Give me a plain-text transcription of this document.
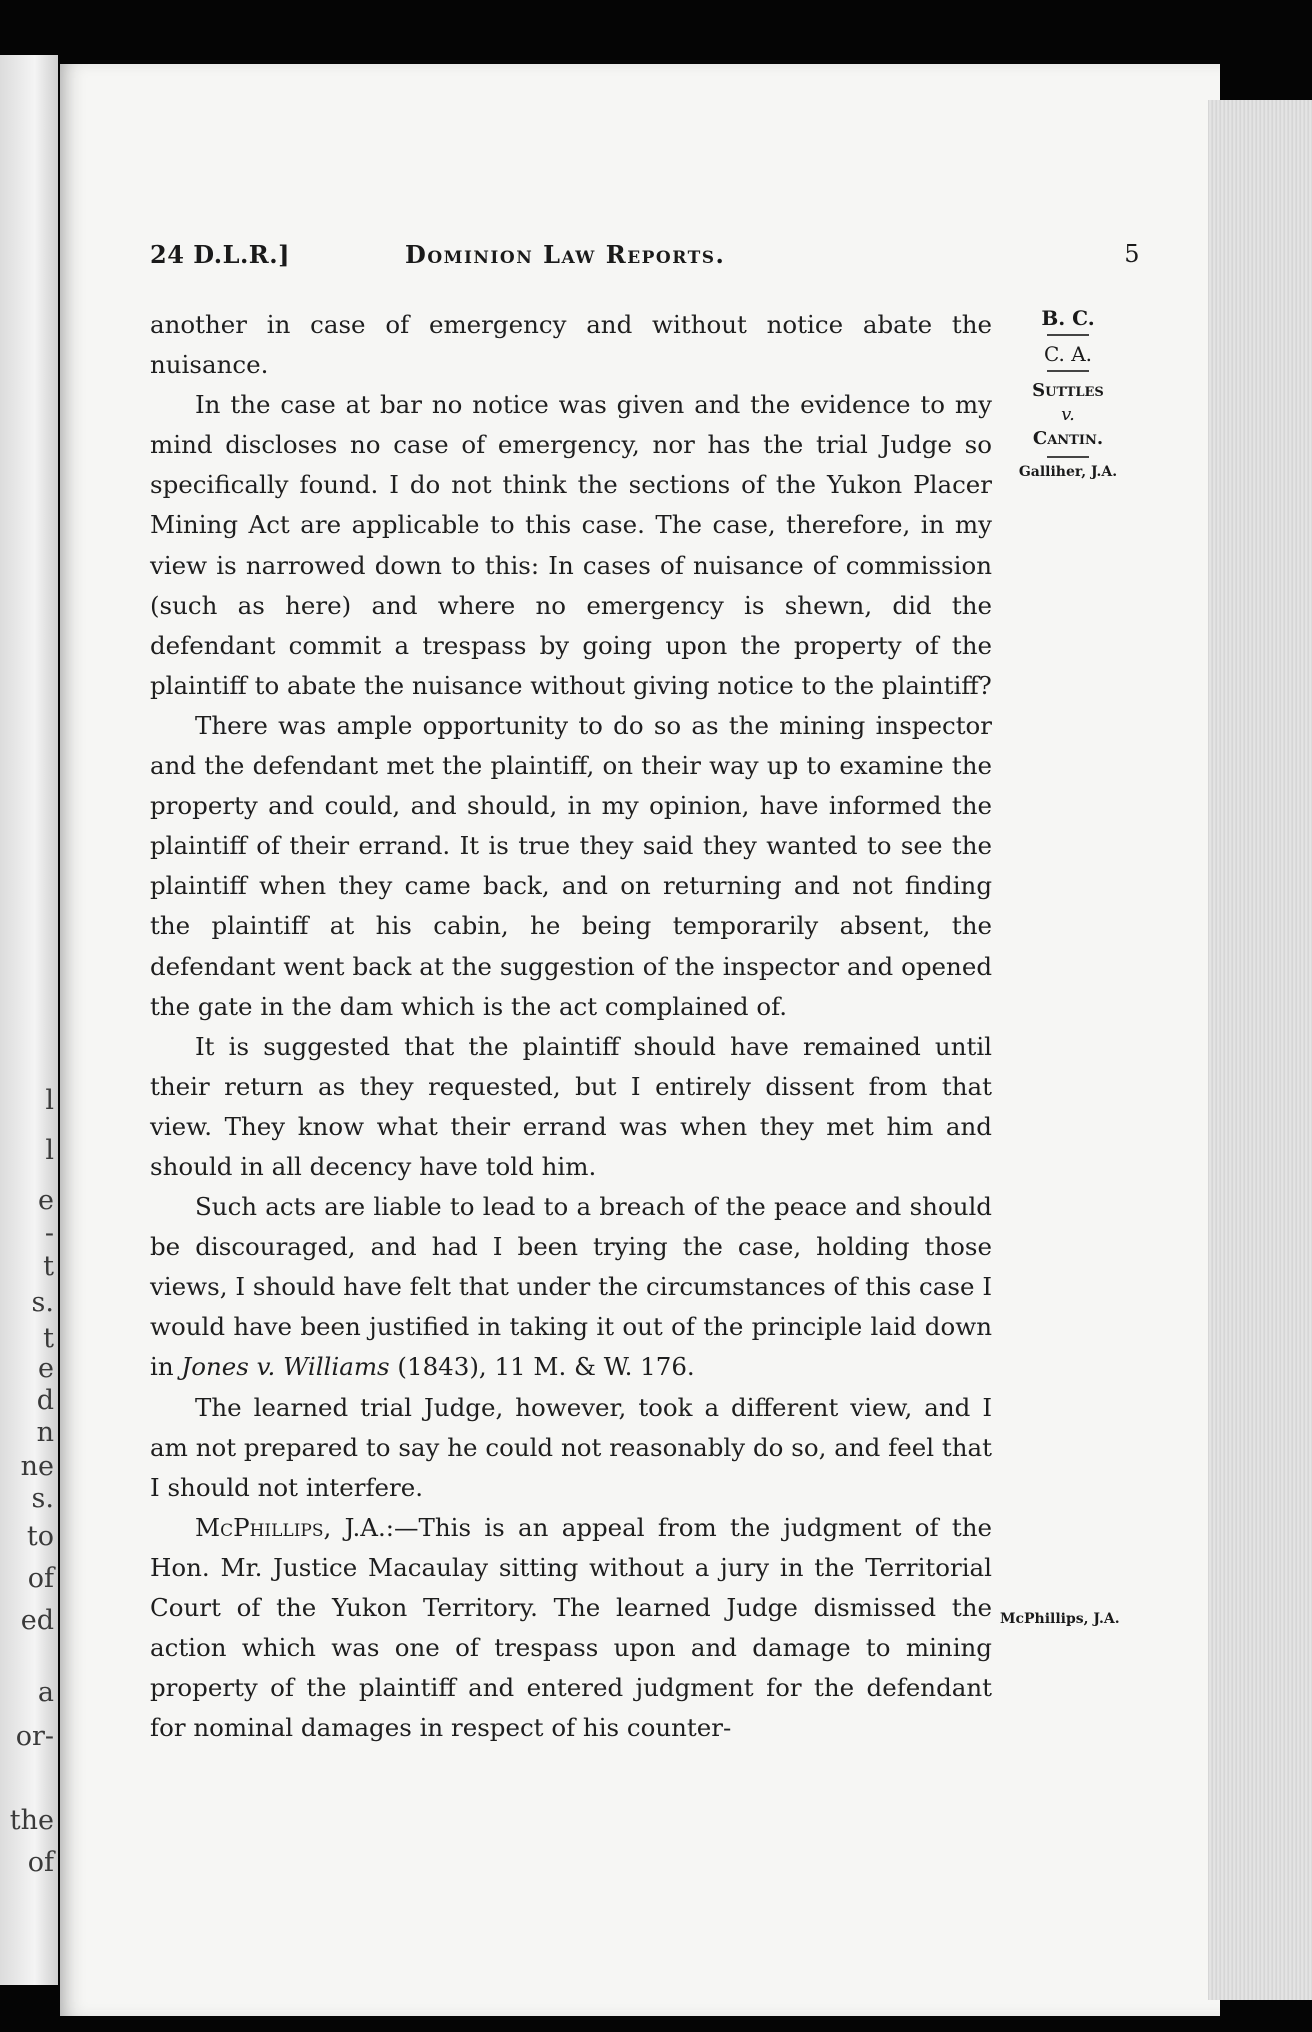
l
l
e
-
t
s.
t
e
d
n
ne
s.
to
of
ed
a
or-
the
of
24 D.L.R.]	Dominion Law Reports.	5
B. C.
C. A.
Suttles
v.
Cantin.
Galliher, J.A.
McPhillips, J.A.

another in case of emergency and without notice abate the nuisance.

In the case at bar no notice was given and the evidence to my mind discloses no case of emergency, nor has the trial Judge so specifically found. I do not think the sections of the Yukon Placer Mining Act are applicable to this case. The case, therefore, in my view is narrowed down to this: In cases of nuisance of commission (such as here) and where no emergency is shewn, did the defendant commit a trespass by going upon the property of the plaintiff to abate the nuisance without giving notice to the plaintiff?

There was ample opportunity to do so as the mining inspector and the defendant met the plaintiff, on their way up to examine the property and could, and should, in my opinion, have informed the plaintiff of their errand. It is true they said they wanted to see the plaintiff when they came back, and on returning and not finding the plaintiff at his cabin, he being temporarily absent, the defendant went back at the suggestion of the inspector and opened the gate in the dam which is the act complained of.

It is suggested that the plaintiff should have remained until their return as they requested, but I entirely dissent from that view. They know what their errand was when they met him and should in all decency have told him.

Such acts are liable to lead to a breach of the peace and should be discouraged, and had I been trying the case, holding those views, I should have felt that under the circumstances of this case I would have been justified in taking it out of the principle laid down in Jones v. Williams (1843), 11 M. & W. 176.

The learned trial Judge, however, took a different view, and I am not prepared to say he could not reasonably do so, and feel that I should not interfere.

McPhillips, J.A.:—This is an appeal from the judgment of the Hon. Mr. Justice Macaulay sitting without a jury in the Territorial Court of the Yukon Territory. The learned Judge dismissed the action which was one of trespass upon and damage to mining property of the plaintiff and entered judgment for the defendant for nominal damages in respect of his counter-
